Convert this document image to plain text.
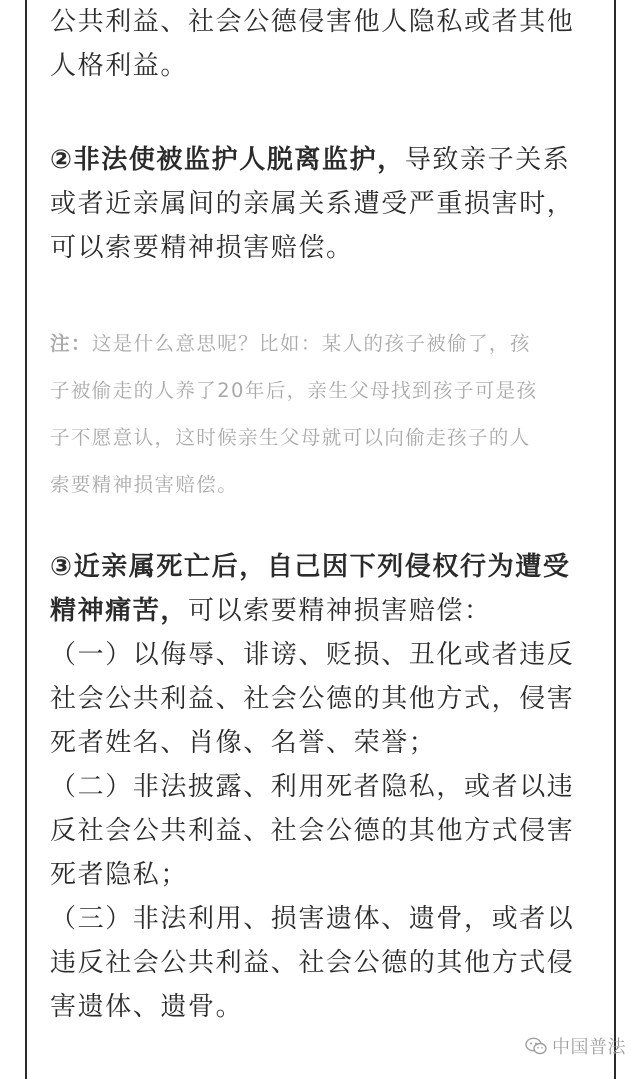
公共利益、社会公德侵害他人隐私或者其他
人格利益。
②非法使被监护人脱离监护，导致亲子关系
或者近亲属间的亲属关系遭受严重损害时，
可以索要精神损害赔偿。
注：这是什么意思呢？比如：某人的孩子被偷了，孩
子被偷走的人养了20年后，亲生父母找到孩子可是孩
子不愿意认，这时候亲生父母就可以向偷走孩子的人
索要精神损害赔偿。
③近亲属死亡后，自己因下列侵权行为遭受
精神痛苦，可以索要精神损害赔偿：
（一）以侮辱、诽谤、贬损、丑化或者违反
社会公共利益、社会公德的其他方式，侵害
死者姓名、肖像、名誉、荣誉；
（二）非法披露、利用死者隐私，或者以违
反社会公共利益、社会公德的其他方式侵害
死者隐私；
（三）非法利用、损害遗体、遗骨，或者以
违反社会公共利益、社会公德的其他方式侵
害遗体、遗骨。
中国普法
